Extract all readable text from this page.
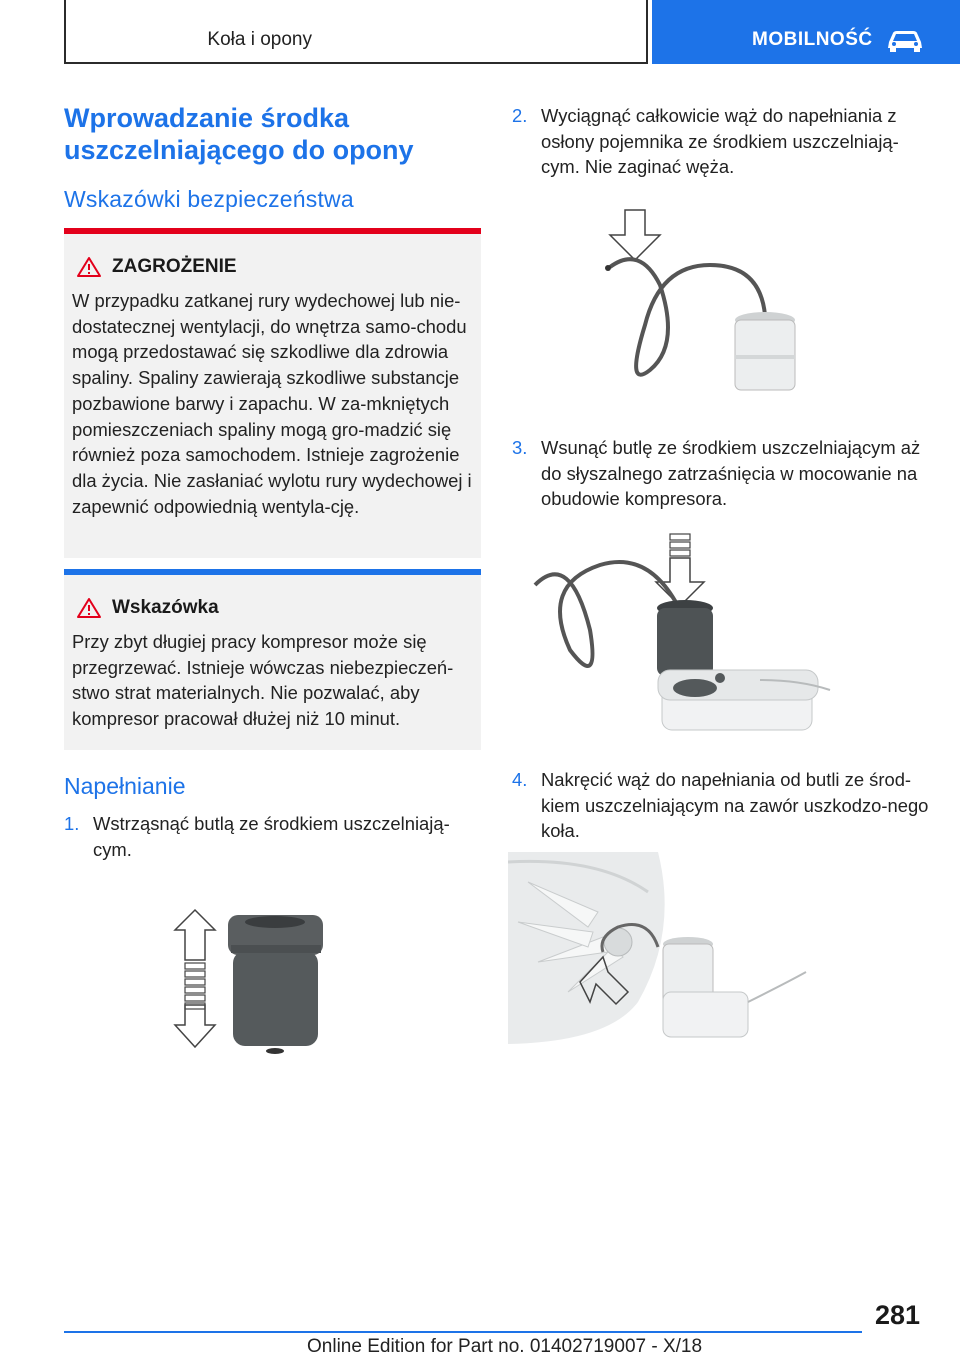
Koła i opony	MOBILNOŚĆ
Wprowadzanie środka uszczelniającego do opony
Wskazówki bezpieczeństwa
ZAGROŻENIE
W przypadku zatkanej rury wydechowej lub nie-dostatecznej wentylacji, do wnętrza samo-chodu mogą przedostawać się szkodliwe dla zdrowia spaliny. Spaliny zawierają szkodliwe substancje pozbawione barwy i zapachu. W za-mkniętych pomieszczeniach spaliny mogą gro-madzić się również poza samochodem. Istnieje zagrożenie dla życia. Nie zasłaniać wylotu rury wydechowej i zapewnić odpowiednią wentyla-cję.
Wskazówka
Przy zbyt długiej pracy kompresor może się przegrzewać. Istnieje wówczas niebezpieczeń-stwo strat materialnych. Nie pozwalać, aby kompresor pracował dłużej niż 10 minut.
Napełnianie
1. Wstrząsnąć butlą ze środkiem uszczelniają-cym.
2. Wyciągnąć całkowicie wąż do napełniania z osłony pojemnika ze środkiem uszczelniają-cym. Nie zaginać węża.
3. Wsunąć butlę ze środkiem uszczelniającym aż do słyszalnego zatrzaśnięcia w mocowanie na obudowie kompresora.
4. Nakręcić wąż do napełniania od butli ze środ-kiem uszczelniającym na zawór uszkodzo-nego koła.
281
Online Edition for Part no. 01402719007 - X/18
